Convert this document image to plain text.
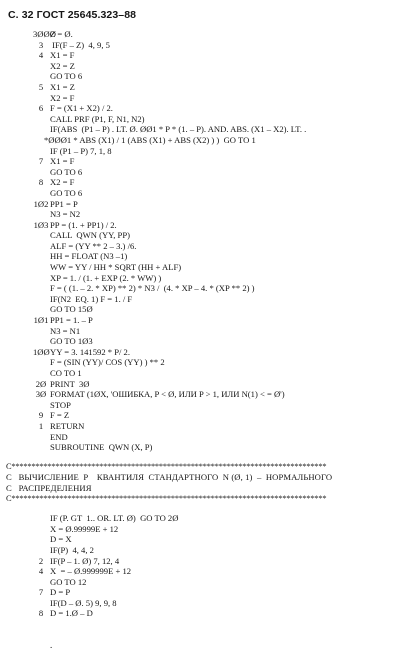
С. 32 ГОСТ 25645.323–88
3ØØØ
Z = Ø.
3 IF(F – Z)  4, 9, 5
4 X1 = F
X2 = Z
GO TO 6
5 X1 = Z
X2 = F
6 F = (X1 + X2) / 2.
CALL PRF (P1, F, N1, N2)
IF(ABS  (P1 – P) . LT. Ø. ØØ1 * P * (1. – P). AND. ABS. (X1 – X2). LT. .
*ØØØ1 * ABS (X1) / 1 (ABS (X1) + ABS (X2) ) )  GO TO 1
IF (P1 – P) 7, 1, 8
7 X1 = F
GO TO 6
8 X2 = F
GO TO 6
1Ø2 PP1 = P
N3 = N2
1Ø3 PP = (1. + PP1) / 2.
CALL  QWN (YY, PP)
ALF = (YY ** 2 – 3.) /6.
HH = FLOAT (N3 –1)
WW = YY / HH * SQRT (HH + ALF)
XP = 1. / (1. + EXP (2. * WW) )
F = ( (1. – 2. * XP) ** 2) * N3 /  (4. * XP – 4. * (XP ** 2) )
IF(N2  EQ. 1) F = 1. / F
GO TO 15Ø
1Ø1 PP1 = 1. – P
N3 = N1
GO TO 1Ø3
1ØØ YY = 3. 141592 * P/ 2.
F = (SIN (YY)/ COS (YY) ) ** 2
CO TO 1
2Ø PRINT  3Ø
3Ø FORMAT (1ØX, 'ОШИБКА, P < Ø, ИЛИ P > 1, ИЛИ N(1) < = Ø')
STOP
9 F = Z
1 RETURN
END
SUBROUTINE  QWN (X, P)
C*******************************************************************************
C   ВЫЧИСЛЕНИЕ  P    КВАНТИЛЯ  СТАНДАРТНОГО  N (Ø, 1)  –  НОРМАЛЬНОГО
C   РАСПРЕДЕЛЕНИЯ
C*******************************************************************************
IF (P. GT  1.. OR. LT. Ø)  GO TO 2Ø
X = Ø.99999E + 12
D = X
IF(P)  4, 4, 2
2 IF(P – 1. Ø) 7, 12, 4
4 X  = – Ø.999999E + 12
GO TO 12
7 D = P
IF(D – Ø. 5) 9, 9, 8
8 D = 1.Ø – D
.
